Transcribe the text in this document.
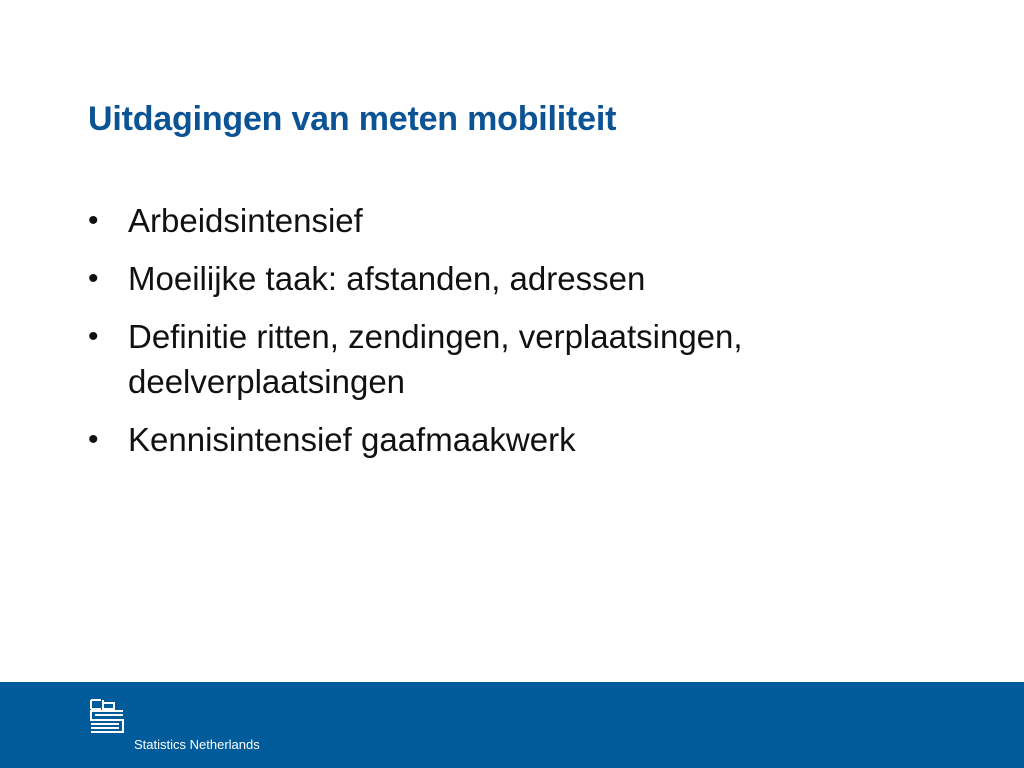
Uitdagingen van meten mobiliteit
• Arbeidsintensief
• Moeilijke taak: afstanden, adressen
• Definitie ritten, zendingen, verplaatsingen, deelverplaatsingen
• Kennisintensief gaafmaakwerk
Statistics Netherlands
